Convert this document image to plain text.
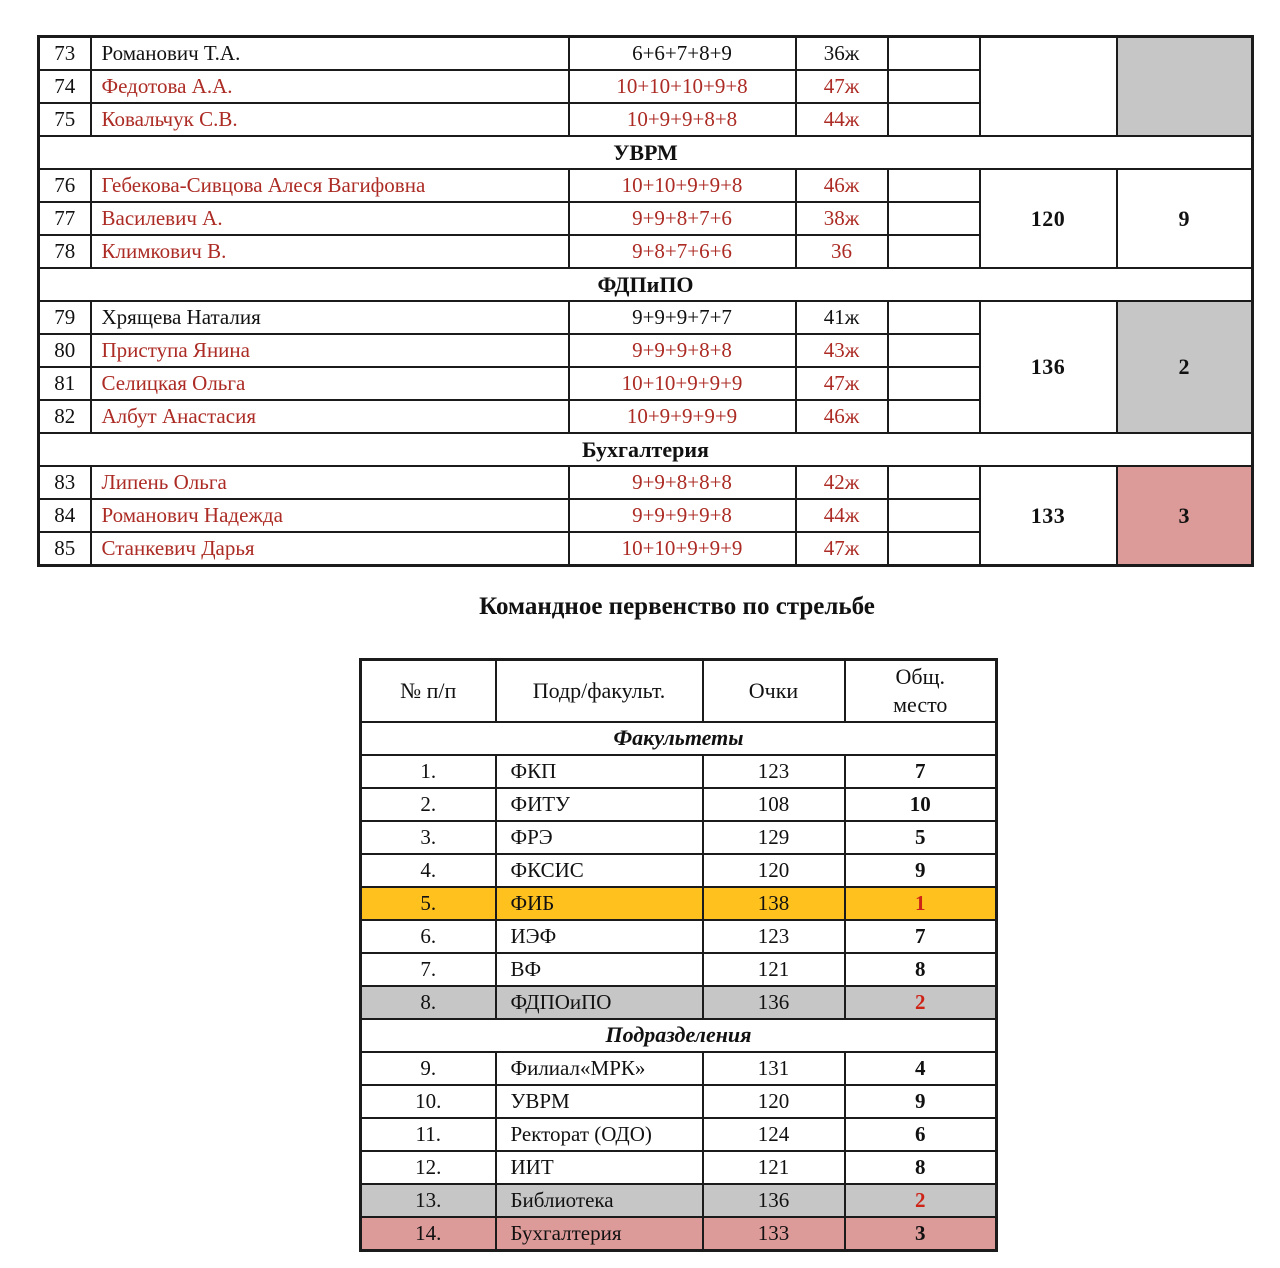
73	Романович Т.А.	6+6+7+8+9	36ж			
74	Федотова А.А.	10+10+10+9+8	47ж			
75	Ковальчук С.В.	10+9+9+8+8	44ж			
УВРМ						
76	Гебекова-Сивцова Алеся Вагифовна	10+10+9+9+8	46ж		120	9
77	Василевич А.	9+9+8+7+6	38ж			
78	Климкович В.	9+8+7+6+6	36			
ФДПиПО						
79	Хрящева Наталия	9+9+9+7+7	41ж		136	2
80	Приступа Янина	9+9+9+8+8	43ж			
81	Селицкая Ольга	10+10+9+9+9	47ж			
82	Албут Анастасия	10+9+9+9+9	46ж			
Бухгалтерия						
83	Липень Ольга	9+9+8+8+8	42ж		133	3
84	Романович Надежда	9+9+9+9+8	44ж			
85	Станкевич Дарья	10+10+9+9+9	47ж			
Командное первенство по стрельбе
№ п/п	Подр/факульт.	Очки	Общ.
место

Факультеты			
1.	ФКП	123	7
2.	ФИТУ	108	10
3.	ФРЭ	129	5
4.	ФКСИС	120	9
5.	ФИБ	138	1
6.	ИЭФ	123	7
7.	ВФ	121	8
8.	ФДПОиПО	136	2
Подразделения			
9.	Филиал«МРК»	131	4
10.	УВРМ	120	9
11.	Ректорат (ОДО)	124	6
12.	ИИТ	121	8
13.	Библиотека	136	2
14.	Бухгалтерия	133	3
